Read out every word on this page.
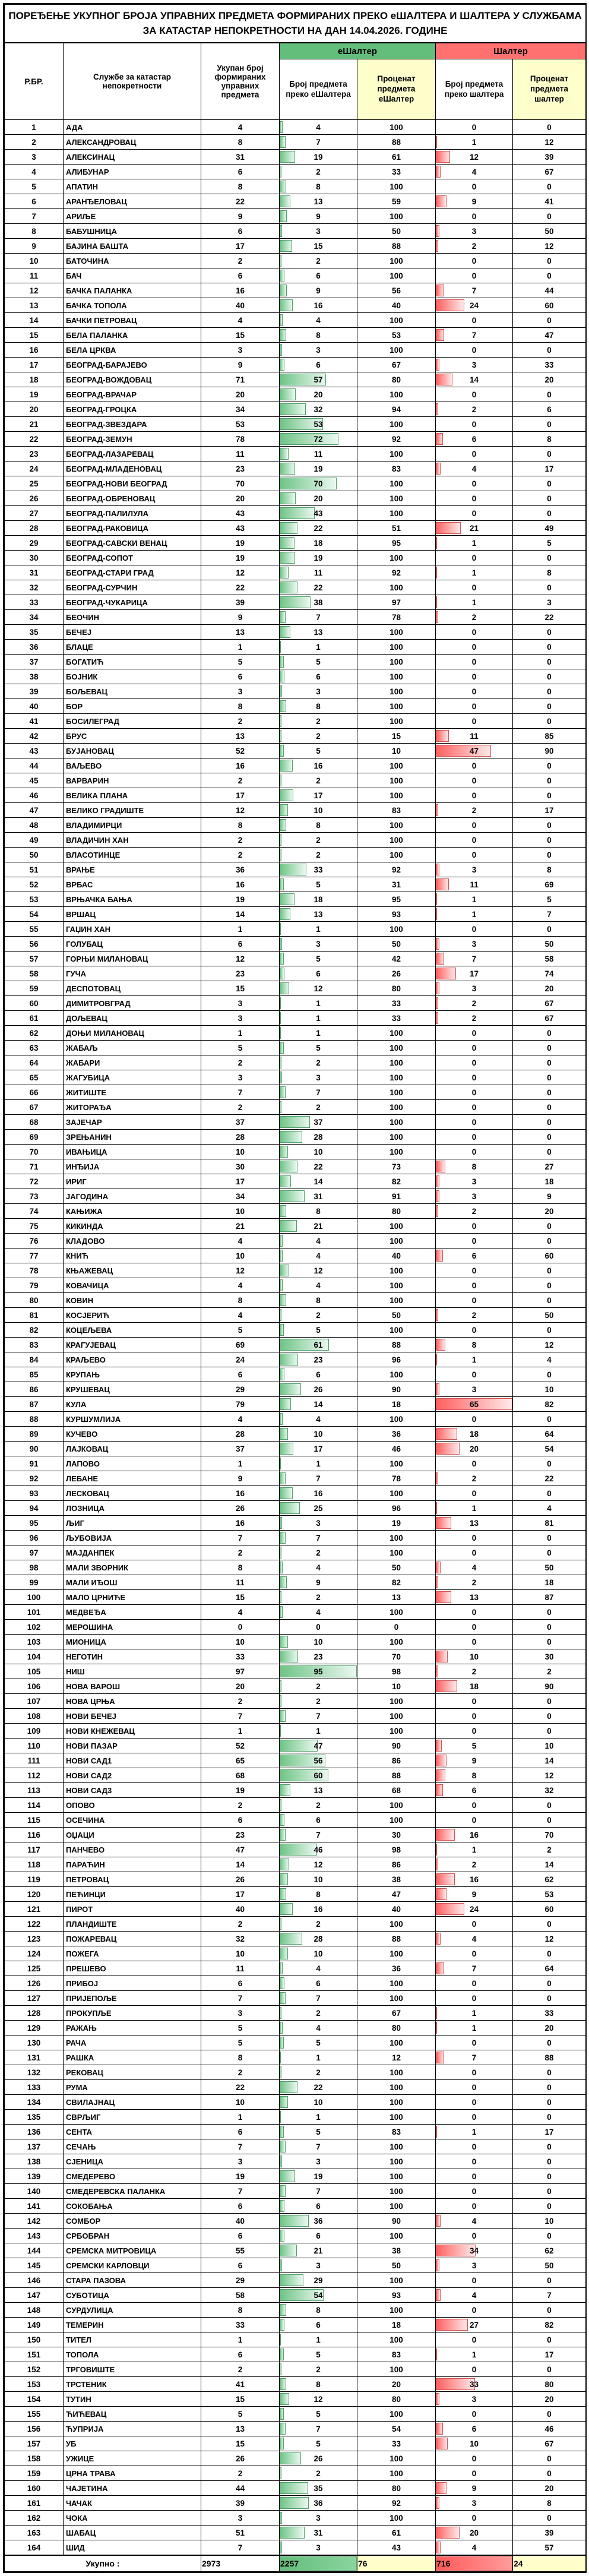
ПОРЕЂЕЊЕ УКУПНОГ БРОЈА УПРАВНИХ ПРЕДМЕТА ФОРМИРАНИХ ПРЕКО еШАЛТЕРА И ШАЛТЕРА У СЛУЖБАМА ЗА КАТАСТАР НЕПОКРЕТНОСТИ НА ДАН 14.04.2026. ГОДИНЕ						
Р.БР.	Службе за катастар непокретности	Укупан број формираних управних предмета	еШалтер		Шалтер	
			Број предмета преко еШалтера	Проценат предмета еШалтер	Број предмета преко шалтера	Проценат предмета шалтер
1	АДА	4	4	100	0	0
2	АЛЕКСАНДРОВАЦ	8	7	88	1	12
3	АЛЕКСИНАЦ	31	19	61	12	39
4	АЛИБУНАР	6	2	33	4	67
5	АПАТИН	8	8	100	0	0
6	АРАНЂЕЛОВАЦ	22	13	59	9	41
7	АРИЉЕ	9	9	100	0	0
8	БАБУШНИЦА	6	3	50	3	50
9	БАЈИНА БАШТА	17	15	88	2	12
10	БАТОЧИНА	2	2	100	0	0
11	БАЧ	6	6	100	0	0
12	БАЧКА ПАЛАНКА	16	9	56	7	44
13	БАЧКА ТОПОЛА	40	16	40	24	60
14	БАЧКИ ПЕТРОВАЦ	4	4	100	0	0
15	БЕЛА ПАЛАНКА	15	8	53	7	47
16	БЕЛА ЦРКВА	3	3	100	0	0
17	БЕОГРАД-БАРАЈЕВО	9	6	67	3	33
18	БЕОГРАД-ВОЖДОВАЦ	71	57	80	14	20
19	БЕОГРАД-ВРАЧАР	20	20	100	0	0
20	БЕОГРАД-ГРОЦКА	34	32	94	2	6
21	БЕОГРАД-ЗВЕЗДАРА	53	53	100	0	0
22	БЕОГРАД-ЗЕМУН	78	72	92	6	8
23	БЕОГРАД-ЛАЗАРЕВАЦ	11	11	100	0	0
24	БЕОГРАД-МЛАДЕНОВАЦ	23	19	83	4	17
25	БЕОГРАД-НОВИ БЕОГРАД	70	70	100	0	0
26	БЕОГРАД-ОБРЕНОВАЦ	20	20	100	0	0
27	БЕОГРАД-ПАЛИЛУЛА	43	43	100	0	0
28	БЕОГРАД-РАКОВИЦА	43	22	51	21	49
29	БЕОГРАД-САВСКИ ВЕНАЦ	19	18	95	1	5
30	БЕОГРАД-СОПОТ	19	19	100	0	0
31	БЕОГРАД-СТАРИ ГРАД	12	11	92	1	8
32	БЕОГРАД-СУРЧИН	22	22	100	0	0
33	БЕОГРАД-ЧУКАРИЦА	39	38	97	1	3
34	БЕОЧИН	9	7	78	2	22
35	БЕЧЕЈ	13	13	100	0	0
36	БЛАЦЕ	1	1	100	0	0
37	БОГАТИЋ	5	5	100	0	0
38	БОЈНИК	6	6	100	0	0
39	БОЉЕВАЦ	3	3	100	0	0
40	БОР	8	8	100	0	0
41	БОСИЛЕГРАД	2	2	100	0	0
42	БРУС	13	2	15	11	85
43	БУЈАНОВАЦ	52	5	10	47	90
44	ВАЉЕВО	16	16	100	0	0
45	ВАРВАРИН	2	2	100	0	0
46	ВЕЛИКА ПЛАНА	17	17	100	0	0
47	ВЕЛИКО ГРАДИШТЕ	12	10	83	2	17
48	ВЛАДИМИРЦИ	8	8	100	0	0
49	ВЛАДИЧИН ХАН	2	2	100	0	0
50	ВЛАСОТИНЦЕ	2	2	100	0	0
51	ВРАЊЕ	36	33	92	3	8
52	ВРБАС	16	5	31	11	69
53	ВРЊАЧКА БАЊА	19	18	95	1	5
54	ВРШАЦ	14	13	93	1	7
55	ГАЏИН ХАН	1	1	100	0	0
56	ГОЛУБАЦ	6	3	50	3	50
57	ГОРЊИ МИЛАНОВАЦ	12	5	42	7	58
58	ГУЧА	23	6	26	17	74
59	ДЕСПОТОВАЦ	15	12	80	3	20
60	ДИМИТРОВГРАД	3	1	33	2	67
61	ДОЉЕВАЦ	3	1	33	2	67
62	ДОЊИ МИЛАНОВАЦ	1	1	100	0	0
63	ЖАБАЉ	5	5	100	0	0
64	ЖАБАРИ	2	2	100	0	0
65	ЖАГУБИЦА	3	3	100	0	0
66	ЖИТИШТЕ	7	7	100	0	0
67	ЖИТОРАЂА	2	2	100	0	0
68	ЗАЈЕЧАР	37	37	100	0	0
69	ЗРЕЊАНИН	28	28	100	0	0
70	ИВАЊИЦА	10	10	100	0	0
71	ИНЂИЈА	30	22	73	8	27
72	ИРИГ	17	14	82	3	18
73	ЈАГОДИНА	34	31	91	3	9
74	КАЊИЖА	10	8	80	2	20
75	КИКИНДА	21	21	100	0	0
76	КЛАДОВО	4	4	100	0	0
77	КНИЋ	10	4	40	6	60
78	КЊАЖЕВАЦ	12	12	100	0	0
79	КОВАЧИЦА	4	4	100	0	0
80	КОВИН	8	8	100	0	0
81	КОСЈЕРИЋ	4	2	50	2	50
82	КОЦЕЉЕВА	5	5	100	0	0
83	КРАГУЈЕВАЦ	69	61	88	8	12
84	КРАЉЕВО	24	23	96	1	4
85	КРУПАЊ	6	6	100	0	0
86	КРУШЕВАЦ	29	26	90	3	10
87	КУЛА	79	14	18	65	82
88	КУРШУМЛИЈА	4	4	100	0	0
89	КУЧЕВО	28	10	36	18	64
90	ЛАЈКОВАЦ	37	17	46	20	54
91	ЛАПОВО	1	1	100	0	0
92	ЛЕБАНЕ	9	7	78	2	22
93	ЛЕСКОВАЦ	16	16	100	0	0
94	ЛОЗНИЦА	26	25	96	1	4
95	ЉИГ	16	3	19	13	81
96	ЉУБОВИЈА	7	7	100	0	0
97	МАЈДАНПЕК	2	2	100	0	0
98	МАЛИ ЗВОРНИК	8	4	50	4	50
99	МАЛИ ИЂОШ	11	9	82	2	18
100	МАЛО ЦРНИЋЕ	15	2	13	13	87
101	МЕДВЕЂА	4	4	100	0	0
102	МЕРОШИНА	0	0	0	0	0
103	МИОНИЦА	10	10	100	0	0
104	НЕГОТИН	33	23	70	10	30
105	НИШ	97	95	98	2	2
106	НОВА ВАРОШ	20	2	10	18	90
107	НОВА ЦРЊА	2	2	100	0	0
108	НОВИ БЕЧЕЈ	7	7	100	0	0
109	НОВИ КНЕЖЕВАЦ	1	1	100	0	0
110	НОВИ ПАЗАР	52	47	90	5	10
111	НОВИ САД1	65	56	86	9	14
112	НОВИ САД2	68	60	88	8	12
113	НОВИ САД3	19	13	68	6	32
114	ОПОВО	2	2	100	0	0
115	ОСЕЧИНА	6	6	100	0	0
116	ОЏАЦИ	23	7	30	16	70
117	ПАНЧЕВО	47	46	98	1	2
118	ПАРАЋИН	14	12	86	2	14
119	ПЕТРОВАЦ	26	10	38	16	62
120	ПЕЋИНЦИ	17	8	47	9	53
121	ПИРОТ	40	16	40	24	60
122	ПЛАНДИШТЕ	2	2	100	0	0
123	ПОЖАРЕВАЦ	32	28	88	4	12
124	ПОЖЕГА	10	10	100	0	0
125	ПРЕШЕВО	11	4	36	7	64
126	ПРИБОЈ	6	6	100	0	0
127	ПРИЈЕПОЉЕ	7	7	100	0	0
128	ПРОКУПЉЕ	3	2	67	1	33
129	РАЖАЊ	5	4	80	1	20
130	РАЧА	5	5	100	0	0
131	РАШКА	8	1	12	7	88
132	РЕКОВАЦ	2	2	100	0	0
133	РУМА	22	22	100	0	0
134	СВИЛАЈНАЦ	10	10	100	0	0
135	СВРЉИГ	1	1	100	0	0
136	СЕНТА	6	5	83	1	17
137	СЕЧАЊ	7	7	100	0	0
138	СЈЕНИЦА	3	3	100	0	0
139	СМЕДЕРЕВО	19	19	100	0	0
140	СМЕДЕРЕВСКА ПАЛАНКА	7	7	100	0	0
141	СОКОБАЊА	6	6	100	0	0
142	СОМБОР	40	36	90	4	10
143	СРБОБРАН	6	6	100	0	0
144	СРЕМСКА МИТРОВИЦА	55	21	38	34	62
145	СРЕМСКИ КАРЛОВЦИ	6	3	50	3	50
146	СТАРА ПАЗОВА	29	29	100	0	0
147	СУБОТИЦА	58	54	93	4	7
148	СУРДУЛИЦА	8	8	100	0	0
149	ТЕМЕРИН	33	6	18	27	82
150	ТИТЕЛ	1	1	100	0	0
151	ТОПОЛА	6	5	83	1	17
152	ТРГОВИШТЕ	2	2	100	0	0
153	ТРСТЕНИК	41	8	20	33	80
154	ТУТИН	15	12	80	3	20
155	ЋИЋЕВАЦ	5	5	100	0	0
156	ЋУПРИЈА	13	7	54	6	46
157	УБ	15	5	33	10	67
158	УЖИЦЕ	26	26	100	0	0
159	ЦРНА ТРАВА	2	2	100	0	0
160	ЧАЈЕТИНА	44	35	80	9	20
161	ЧАЧАК	39	36	92	3	8
162	ЧОКА	3	3	100	0	0
163	ШАБАЦ	51	31	61	20	39
164	ШИД	7	3	43	4	57
Укупно :		2973	2257	76	716	24
